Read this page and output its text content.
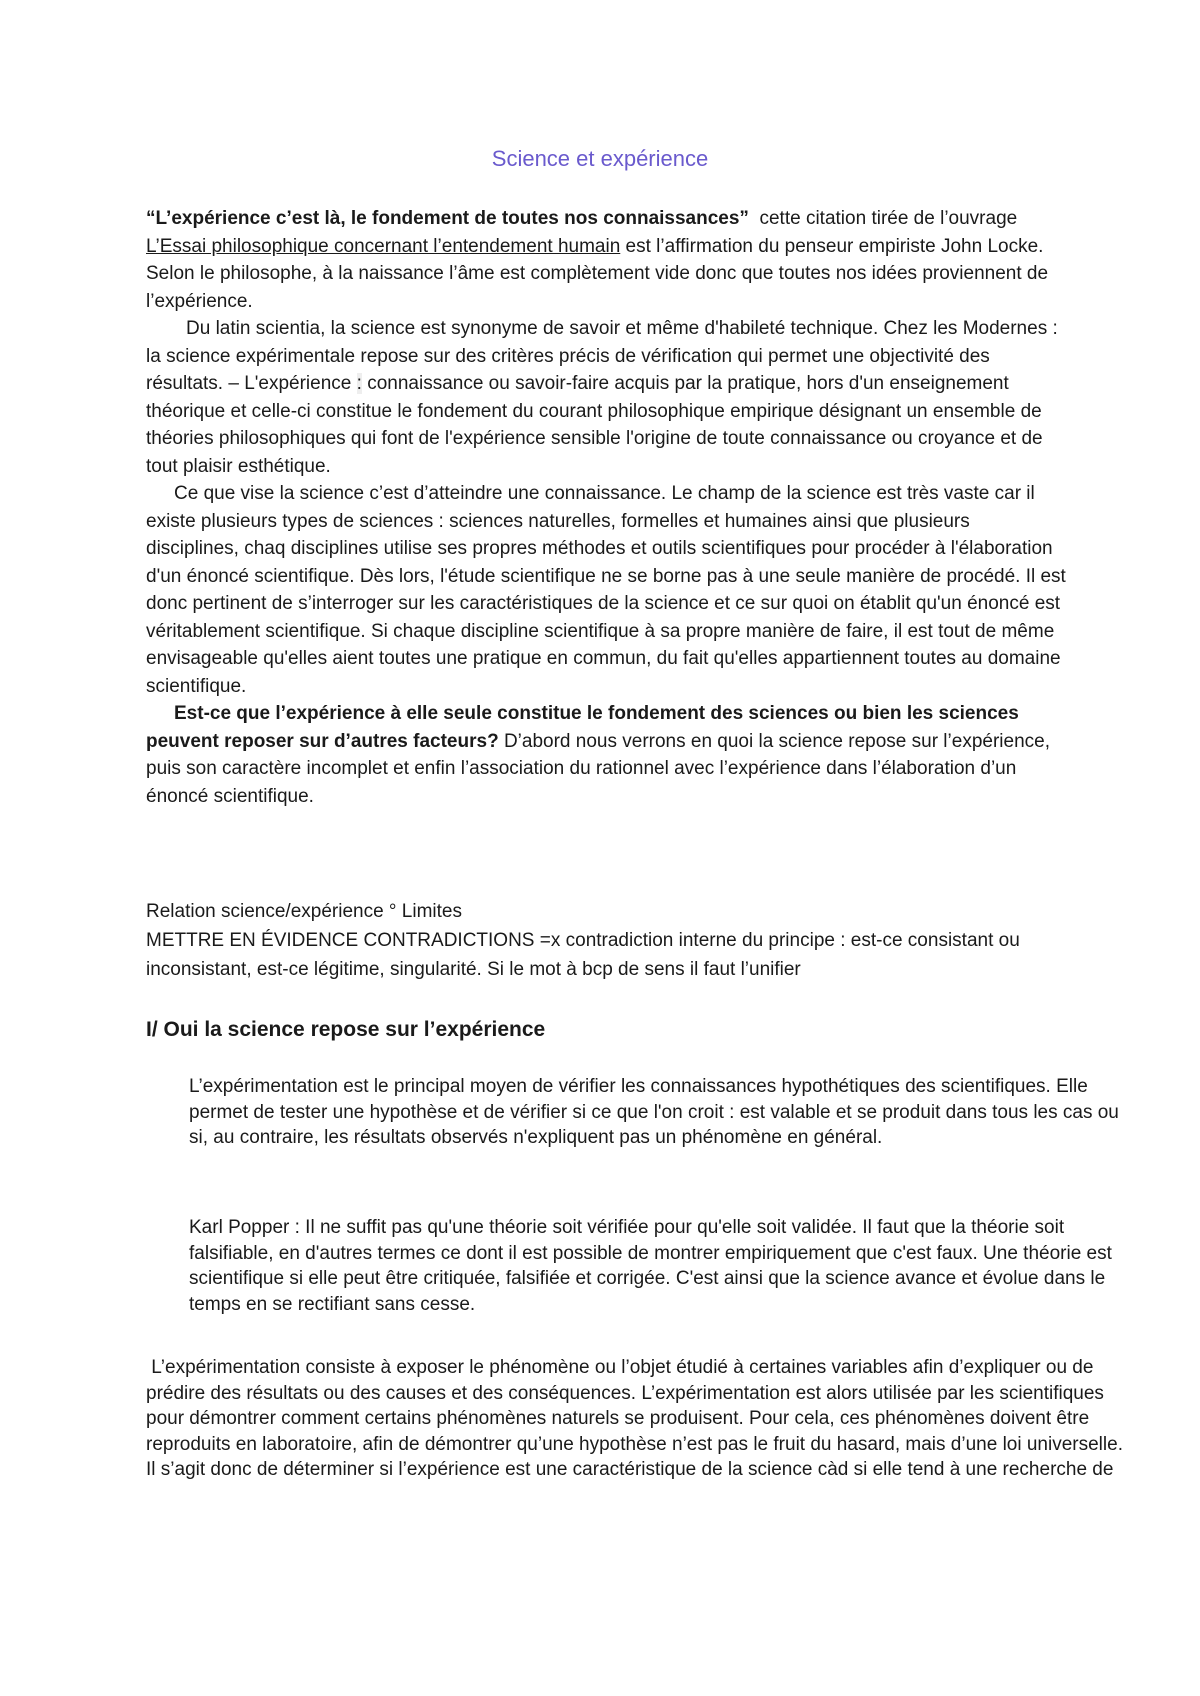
Science et expérience

“L’expérience c’est là, le fondement de toutes nos connaissances”  cette citation tirée de l’ouvrage L’Essai philosophique concernant l’entendement humain est l’affirmation du penseur empiriste John Locke. Selon le philosophe, à la naissance l’âme est complètement vide donc que toutes nos idées proviennent de l’expérience.

Du latin scientia, la science est synonyme de savoir et même d'habileté technique. Chez les Modernes : la science expérimentale repose sur des critères précis de vérification qui permet une objectivité des résultats. – L'expérience : connaissance ou savoir-faire acquis par la pratique, hors d'un enseignement théorique et celle-ci constitue le fondement du courant philosophique empirique désignant un ensemble de théories philosophiques qui font de l'expérience sensible l'origine de toute connaissance ou croyance et de tout plaisir esthétique.

Ce que vise la science c’est d’atteindre une connaissance. Le champ de la science est très vaste car il existe plusieurs types de sciences : sciences naturelles, formelles et humaines ainsi que plusieurs disciplines, chaq disciplines utilise ses propres méthodes et outils scientifiques pour procéder à l'élaboration d'un énoncé scientifique. Dès lors, l'étude scientifique ne se borne pas à une seule manière de procédé. Il est donc pertinent de s’interroger sur les caractéristiques de la science et ce sur quoi on établit qu'un énoncé est véritablement scientifique. Si chaque discipline scientifique à sa propre manière de faire, il est tout de même envisageable qu'elles aient toutes une pratique en commun, du fait qu'elles appartiennent toutes au domaine scientifique.

Est-ce que l’expérience à elle seule constitue le fondement des sciences ou bien les sciences peuvent reposer sur d’autres facteurs? D’abord nous verrons en quoi la science repose sur l’expérience, puis son caractère incomplet et enfin l’association du rationnel avec l’expérience dans l’élaboration d’un énoncé scientifique.

Relation science/expérience ° Limites

METTRE EN ÉVIDENCE CONTRADICTIONS =x contradiction interne du principe : est-ce consistant ou inconsistant, est-ce légitime, singularité. Si le mot à bcp de sens il faut l’unifier

I/ Oui la science repose sur l’expérience
L’expérimentation est le principal moyen de vérifier les connaissances hypothétiques des scientifiques. Elle permet de tester une hypothèse et de vérifier si ce que l'on croit : est valable et se produit dans tous les cas ou si, au contraire, les résultats observés n'expliquent pas un phénomène en général.
Karl Popper : Il ne suffit pas qu'une théorie soit vérifiée pour qu'elle soit validée. Il faut que la théorie soit falsifiable, en d'autres termes ce dont il est possible de montrer empiriquement que c'est faux. Une théorie est scientifique si elle peut être critiquée, falsifiée et corrigée. C'est ainsi que la science avance et évolue dans le temps en se rectifiant sans cesse.
L’expérimentation consiste à exposer le phénomène ou l’objet étudié à certaines variables afin d’expliquer ou de prédire des résultats ou des causes et des conséquences. L’expérimentation est alors utilisée par les scientifiques pour démontrer comment certains phénomènes naturels se produisent. Pour cela, ces phénomènes doivent être reproduits en laboratoire, afin de démontrer qu’une hypothèse n’est pas le fruit du hasard, mais d’une loi universelle. Il s’agit donc de déterminer si l’expérience est une caractéristique de la science càd si elle tend à une recherche de
